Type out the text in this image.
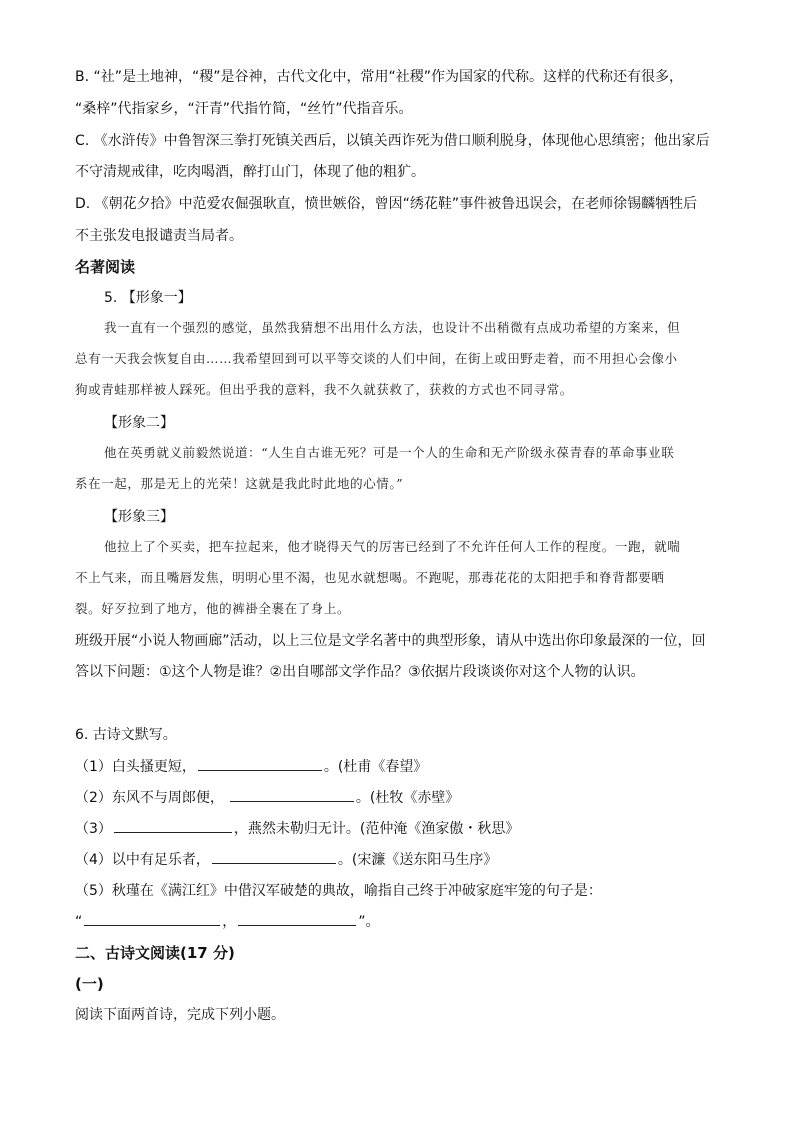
B. “社”是土地神，“稷”是谷神，古代文化中，常用“社稷”作为国家的代称。这样的代称还有很多，
“桑梓”代指家乡，“汗青”代指竹简，“丝竹”代指音乐。
C. 《水浒传》中鲁智深三拳打死镇关西后，以镇关西诈死为借口顺利脱身，体现他心思缜密；他出家后
不守清规戒律，吃肉喝酒，醉打山门，体现了他的粗犷。
D. 《朝花夕拾》中范爱农倔强耿直，愤世嫉俗，曾因“绣花鞋”事件被鲁迅误会，在老师徐锡麟牺牲后
不主张发电报谴责当局者。
名著阅读
5. 【形象一】
我一直有一个强烈的感觉，虽然我猜想不出用什么方法，也设计不出稍微有点成功希望的方案来，但
总有一天我会恢复自由……我希望回到可以平等交谈的人们中间，在街上或田野走着，而不用担心会像小
狗或青蛙那样被人踩死。但出乎我的意料，我不久就获救了，获救的方式也不同寻常。
【形象二】
他在英勇就义前毅然说道：“人生自古谁无死？可是一个人的生命和无产阶级永葆青春的革命事业联
系在一起，那是无上的光荣！这就是我此时此地的心情。”
【形象三】
他拉上了个买卖，把车拉起来，他才晓得天气的厉害已经到了不允许任何人工作的程度。一跑，就喘
不上气来，而且嘴唇发焦，明明心里不渴，也见水就想喝。不跑呢，那毒花花的太阳把手和脊背都要晒
裂。好歹拉到了地方，他的裤褂全裹在了身上。
班级开展“小说人物画廊”活动，以上三位是文学名著中的典型形象，请从中选出你印象最深的一位，回
答以下问题：①这个人物是谁？②出自哪部文学作品？③依据片段谈谈你对这个人物的认识。
6. 古诗文默写。
（1）白头搔更短，	。(杜甫《春望》
（2）东风不与周郎便，	。(杜牧《赤壁》
（3）	，燕然未勒归无计。(范仲淹《渔家傲・秋思》
（4）以中有足乐者，	。(宋濂《送东阳马生序》
（5）秋瑾在《满江红》中借汉军破楚的典故，喻指自己终于冲破家庭牢笼的句子是：
“	，	”。
二、古诗文阅读(17 分)
(一)
阅读下面两首诗，完成下列小题。
